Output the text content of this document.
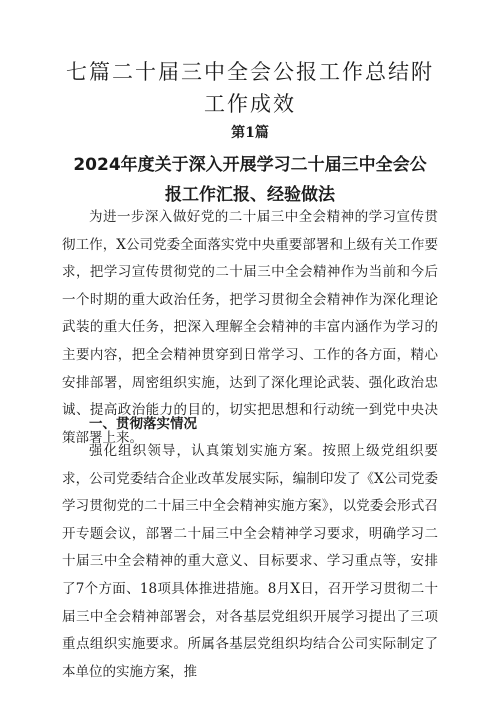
七篇二十届三中全会公报工作总结附工作成效
第1篇
2024年度关于深入开展学习二十届三中全会公报工作汇报、经验做法
为进一步深入做好党的二十届三中全会精神的学习宣传贯彻工作，X公司党委全面落实党中央重要部署和上级有关工作要求，把学习宣传贯彻党的二十届三中全会精神作为当前和今后一个时期的重大政治任务，把学习贯彻全会精神作为深化理论武装的重大任务，把深入理解全会精神的丰富内涵作为学习的主要内容，把全会精神贯穿到日常学习、工作的各方面，精心安排部署，周密组织实施，达到了深化理论武装、强化政治忠诚、提高政治能力的目的，切实把思想和行动统一到党中央决策部署上来。
一、贯彻落实情况
强化组织领导，认真策划实施方案。按照上级党组织要求，公司党委结合企业改革发展实际，编制印发了《X公司党委学习贯彻党的二十届三中全会精神实施方案》，以党委会形式召开专题会议，部署二十届三中全会精神学习要求，明确学习二十届三中全会精神的重大意义、目标要求、学习重点等，安排了7个方面、18项具体推进措施。8月X日，召开学习贯彻二十届三中全会精神部署会，对各基层党组织开展学习提出了三项重点组织实施要求。所属各基层党组织均结合公司实际制定了本单位的实施方案，推
